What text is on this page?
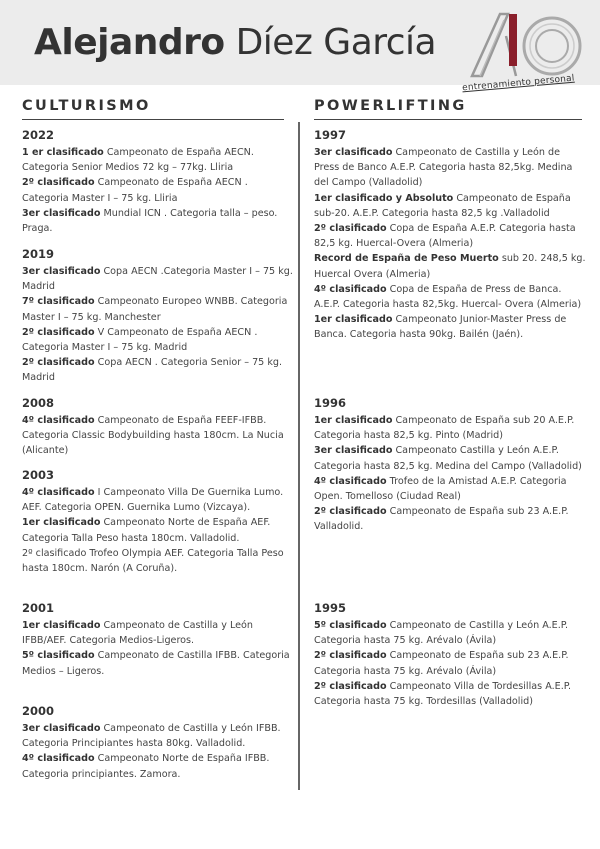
Alejandro Díez García
entrenamiento personal
CULTURISMO	POWERLIFTING
2022
1 er clasificado Campeonato de España AECN. Categoria Senior Medios 72 kg – 77kg. Lliria
2º clasificado Campeonato de España AECN . Categoria Master I – 75 kg. Lliria
3er clasificado Mundial ICN . Categoria talla – peso. Praga.
2019
3er clasificado Copa AECN .Categoria Master I – 75 kg. Madrid
7º clasificado Campeonato Europeo WNBB. Categoria Master I – 75 kg. Manchester
2º clasificado V Campeonato de España AECN . Categoria Master I – 75 kg. Madrid
2º clasificado Copa AECN . Categoria Senior – 75 kg. Madrid
2008
4º clasificado Campeonato de España FEEF-IFBB. Categoria Classic Bodybuilding hasta 180cm. La Nucia (Alicante)
2003
4º clasificado I Campeonato Villa De Guernika Lumo. AEF. Categoria OPEN. Guernika Lumo (Vizcaya).
1er clasificado Campeonato Norte de España AEF. Categoria Talla Peso hasta 180cm. Valladolid.
2º clasificado Trofeo Olympia AEF. Categoria Talla Peso hasta 180cm. Narón (A Coruña).
2001
1er clasificado Campeonato de Castilla y León IFBB/AEF. Categoria Medios-Ligeros.
5º clasificado Campeonato de Castilla IFBB. Categoria Medios – Ligeros.
2000
3er clasificado Campeonato de Castilla y León IFBB. Categoria Principiantes hasta 80kg. Valladolid.
4º clasificado Campeonato Norte de España IFBB. Categoria principiantes. Zamora.
1997
3er clasificado Campeonato de Castilla y León de Press de Banco A.E.P. Categoria hasta 82,5kg. Medina del Campo (Valladolid)
1er clasificado y Absoluto Campeonato de España sub-20. A.E.P. Categoria hasta 82,5 kg .Valladolid
2º clasificado Copa de España A.E.P. Categoria hasta 82,5 kg. Huercal-Overa (Almeria)
Record de España de Peso Muerto sub 20. 248,5 kg. Huercal Overa (Almeria)
4º clasificado Copa de España de Press de Banca. A.E.P. Categoria hasta 82,5kg. Huercal- Overa (Almeria)
1er clasificado Campeonato Junior-Master Press de Banca. Categoria hasta 90kg. Bailén (Jaén).
1996
1er clasificado Campeonato de España sub 20 A.E.P. Categoria hasta 82,5 kg. Pinto (Madrid)
3er clasificado Campeonato Castilla y León A.E.P. Categoria hasta 82,5 kg. Medina del Campo (Valladolid)
4º clasificado Trofeo de la Amistad A.E.P. Categoria Open. Tomelloso (Ciudad Real)
2º clasificado Campeonato de España sub 23 A.E.P. Valladolid.
1995
5º clasificado Campeonato de Castilla y León A.E.P. Categoria hasta 75 kg. Arévalo (Ávila)
2º clasificado Campeonato de España sub 23 A.E.P. Categoria hasta 75 kg. Arévalo (Ávila)
2º clasificado Campeonato Villa de Tordesillas A.E.P. Categoria hasta 75 kg. Tordesillas (Valladolid)
